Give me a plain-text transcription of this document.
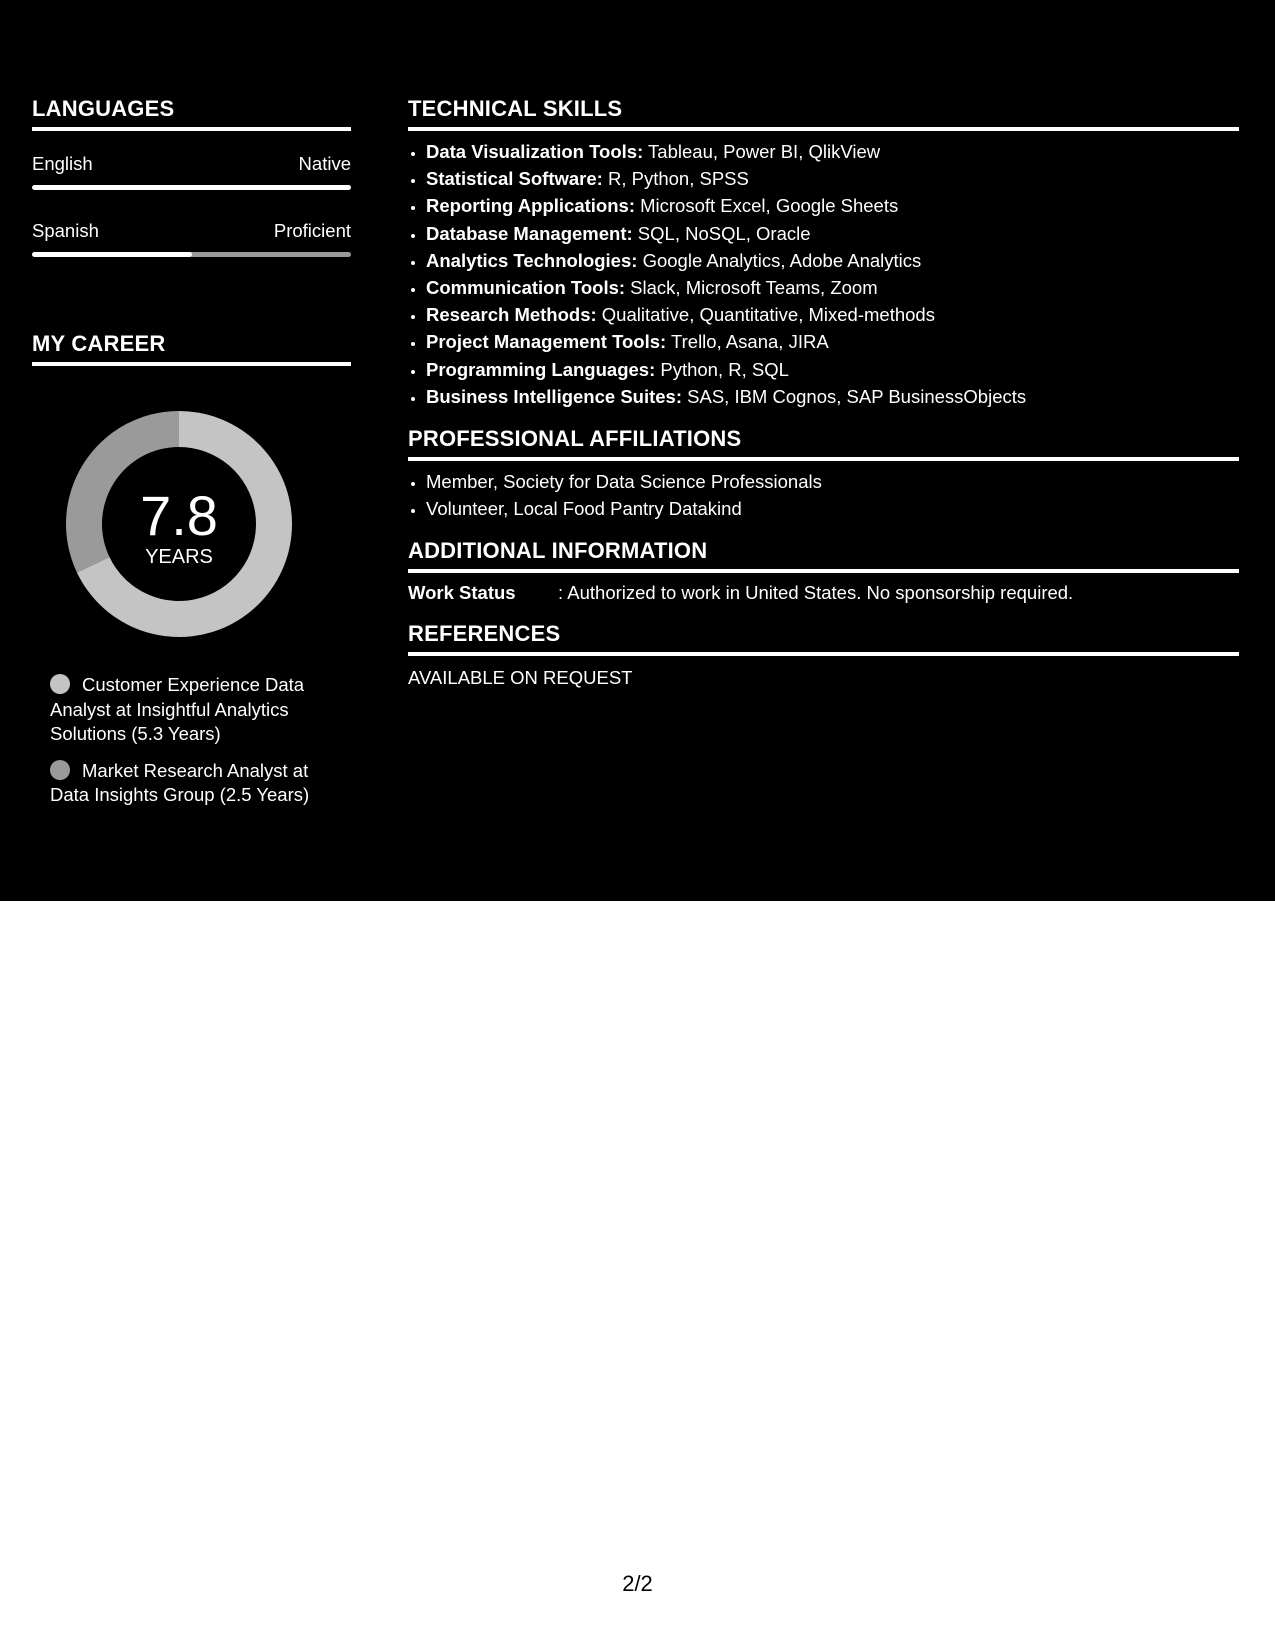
LANGUAGES
English	Native
Spanish	Proficient
MY CAREER
7.8
YEARS
Customer Experience Data Analyst at Insightful Analytics Solutions (5.3 Years)
Market Research Analyst at Data Insights Group (2.5 Years)
TECHNICAL SKILLS
• Data Visualization Tools: Tableau, Power BI, QlikView
• Statistical Software: R, Python, SPSS
• Reporting Applications: Microsoft Excel, Google Sheets
• Database Management: SQL, NoSQL, Oracle
• Analytics Technologies: Google Analytics, Adobe Analytics
• Communication Tools: Slack, Microsoft Teams, Zoom
• Research Methods: Qualitative, Quantitative, Mixed-methods
• Project Management Tools: Trello, Asana, JIRA
• Programming Languages: Python, R, SQL
• Business Intelligence Suites: SAS, IBM Cognos, SAP BusinessObjects
PROFESSIONAL AFFILIATIONS
• Member, Society for Data Science Professionals
• Volunteer, Local Food Pantry Datakind
ADDITIONAL INFORMATION
Work Status	: Authorized to work in United States. No sponsorship required.
REFERENCES
AVAILABLE ON REQUEST
2/2
